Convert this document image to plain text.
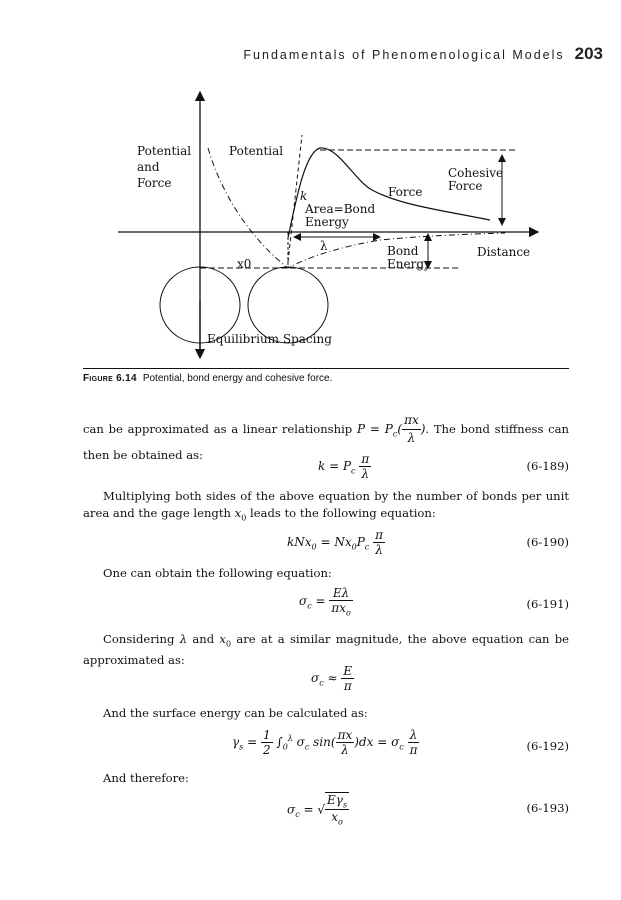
Fundamentals of Phenomenological Models 203
Potential and Force
Potential
k
Area=Bond Energy
Force
Cohesive Force
λ
x0
Bond Energy
Distance
Equilibrium Spacing
Figure 6.14 Potential, bond energy and cohesive force.
can be approximated as a linear relationship $P = P_c( \frac{\pi x}{\lambda}$ ). The bond stiffness can then be obtained as:
$k = P_c \frac{\pi}{\lambda}$	(6-189)
Multiplying both sides of the above equation by the number of bonds per unit area and the gage length $x_0$ leads to the following equation:
$kNx_0 = Nx_0P_c \frac{\pi}{\lambda}$	(6-190)
One can obtain the following equation:
$\sigma_c = \frac{E\lambda}{\pi x_o}$	(6-191)
Considering λ and $x_0$ are at a similar magnitude, the above equation can be approximated as:
$\sigma_c \approx \frac{E}{\pi}$
And the surface energy can be calculated as:
$\gamma_s = \frac{1}{2} \int_0^\lambda$ $\sigma_c$ $\sin( \frac{\pi x}{\lambda} )dx = \sigma_c \frac{\lambda}{\pi}$	(6-192)
And therefore:
$\sigma_c$ = √ $\frac{E\gamma_s}{x_o}$	(6-193)
